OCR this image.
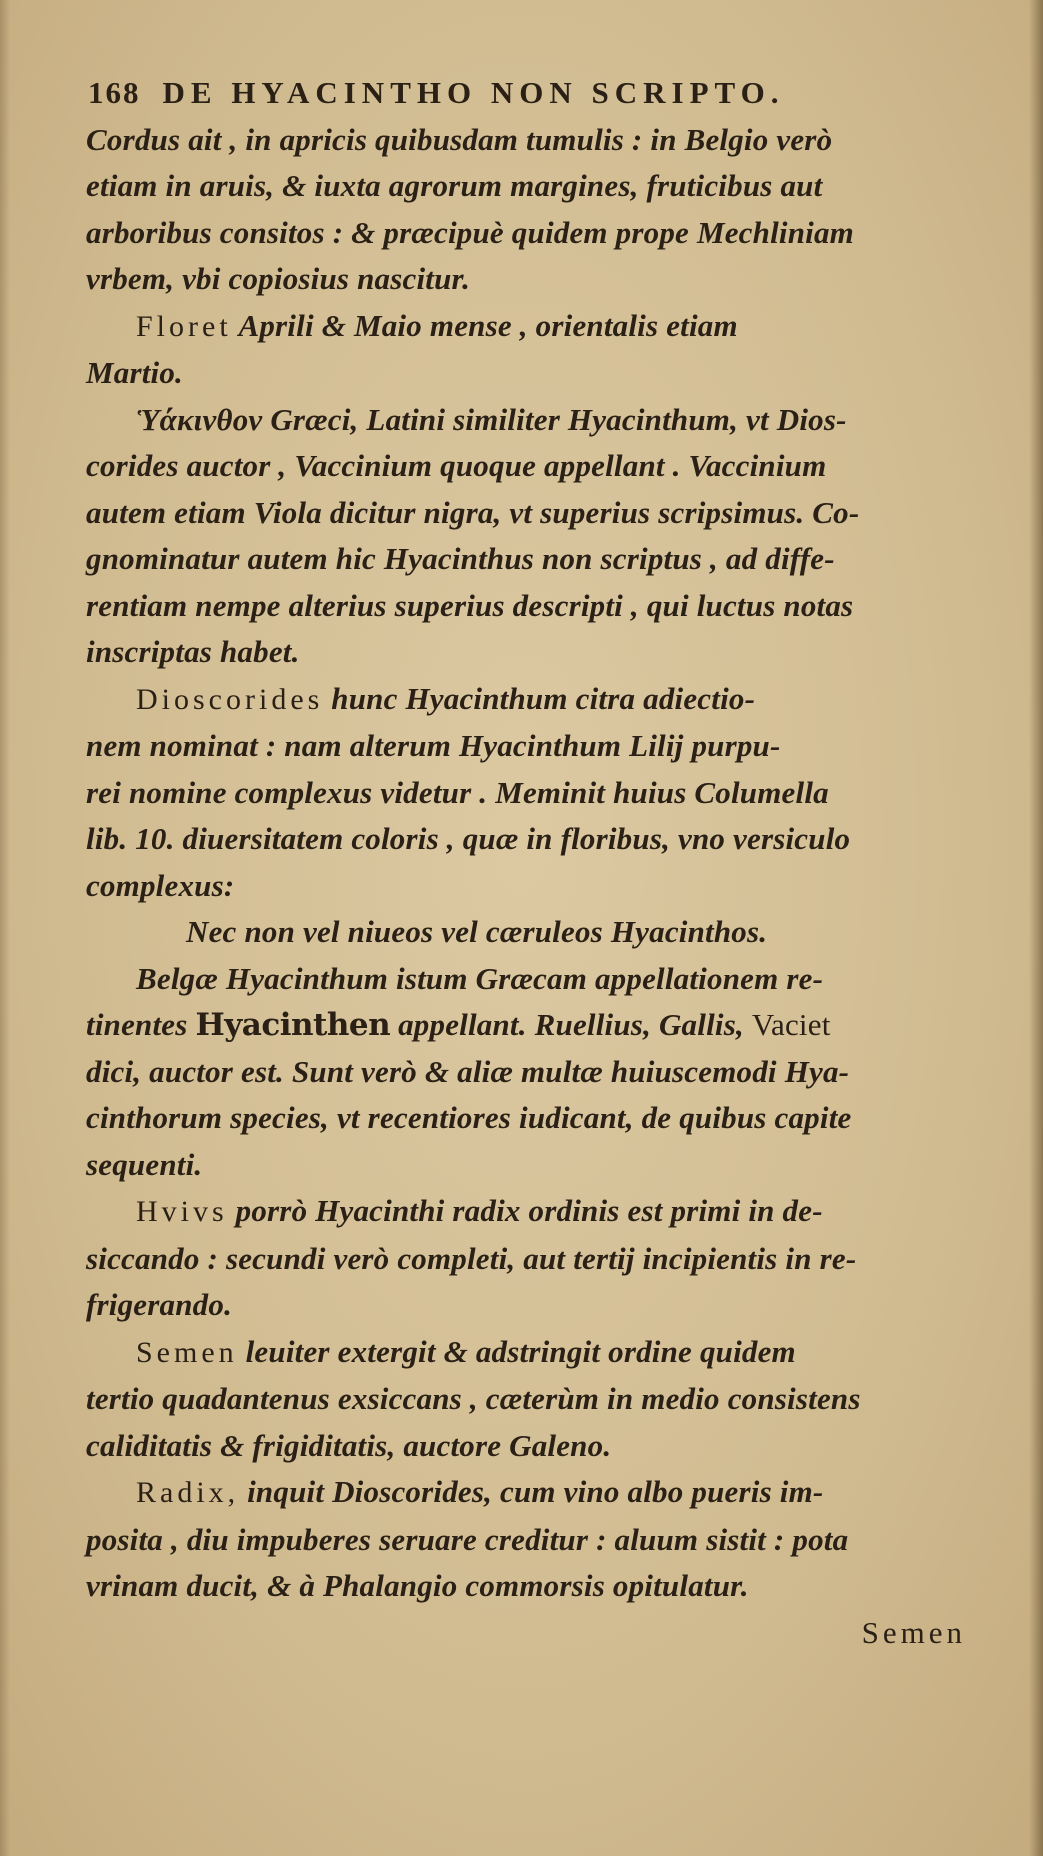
168 DE HYACINTHO NON SCRIPTO.
Cordus ait , in apricis quibusdam tumulis : in Belgio verò
etiam in aruis, & iuxta agrorum margines, fruticibus aut
arboribus consitos : & præcipuè quidem prope Mechliniam
vrbem, vbi copiosius nascitur.
Floret Aprili & Maio mense , orientalis etiam
Martio.
Ὑάκινθον Græci, Latini similiter Hyacinthum, vt Dios-
corides auctor , Vaccinium quoque appellant . Vaccinium
autem etiam Viola dicitur nigra, vt superius scripsimus. Co-
gnominatur autem hic Hyacinthus non scriptus , ad diffe-
rentiam nempe alterius superius descripti , qui luctus notas
inscriptas habet.
Dioscorides hunc Hyacinthum citra adiectio-
nem nominat : nam alterum Hyacinthum Lilij purpu-
rei nomine complexus videtur . Meminit huius Columella
lib. 10. diuersitatem coloris , quæ in floribus, vno versiculo
complexus:
Nec non vel niueos vel cæruleos Hyacinthos.
Belgæ Hyacinthum istum Græcam appellationem re-
tinentes Hyacinthen appellant. Ruellius, Gallis, Vaciet
dici, auctor est. Sunt verò & aliæ multæ huiuscemodi Hya-
cinthorum species, vt recentiores iudicant, de quibus capite
sequenti.
Hvivs porrò Hyacinthi radix ordinis est primi in de-
siccando : secundi verò completi, aut tertij incipientis in re-
frigerando.
Semen leuiter extergit & adstringit ordine quidem
tertio quadantenus exsiccans , cæterùm in medio consistens
caliditatis & frigiditatis, auctore Galeno.
Radix, inquit Dioscorides, cum vino albo pueris im-
posita , diu impuberes seruare creditur : aluum sistit : pota
vrinam ducit, & à Phalangio commorsis opitulatur.
Semen
